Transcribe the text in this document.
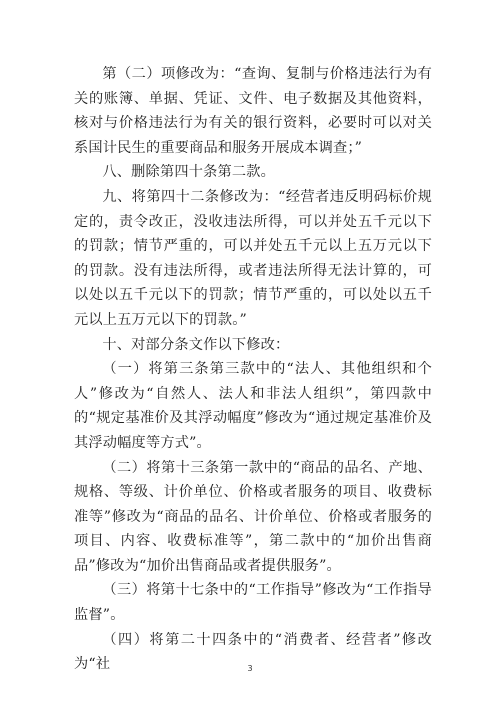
第（二）项修改为：“查询、复制与价格违法行为有关的账簿、单据、凭证、文件、电子数据及其他资料，核对与价格违法行为有关的银行资料，必要时可以对关系国计民生的重要商品和服务开展成本调查；”

八、删除第四十条第二款。

九、将第四十二条修改为：“经营者违反明码标价规定的，责令改正，没收违法所得，可以并处五千元以下的罚款；情节严重的，可以并处五千元以上五万元以下的罚款。没有违法所得，或者违法所得无法计算的，可以处以五千元以下的罚款；情节严重的，可以处以五千元以上五万元以下的罚款。”

十、对部分条文作以下修改：

（一）将第三条第三款中的“法人、其他组织和个人”修改为“自然人、法人和非法人组织”，第四款中的“规定基准价及其浮动幅度”修改为“通过规定基准价及其浮动幅度等方式”。

（二）将第十三条第一款中的“商品的品名、产地、规格、等级、计价单位、价格或者服务的项目、收费标准等”修改为“商品的品名、计价单位、价格或者服务的项目、内容、收费标准等”，第二款中的“加价出售商品”修改为“加价出售商品或者提供服务”。

（三）将第十七条中的“工作指导”修改为“工作指导监督”。

（四）将第二十四条中的“消费者、经营者”修改为“社	3
